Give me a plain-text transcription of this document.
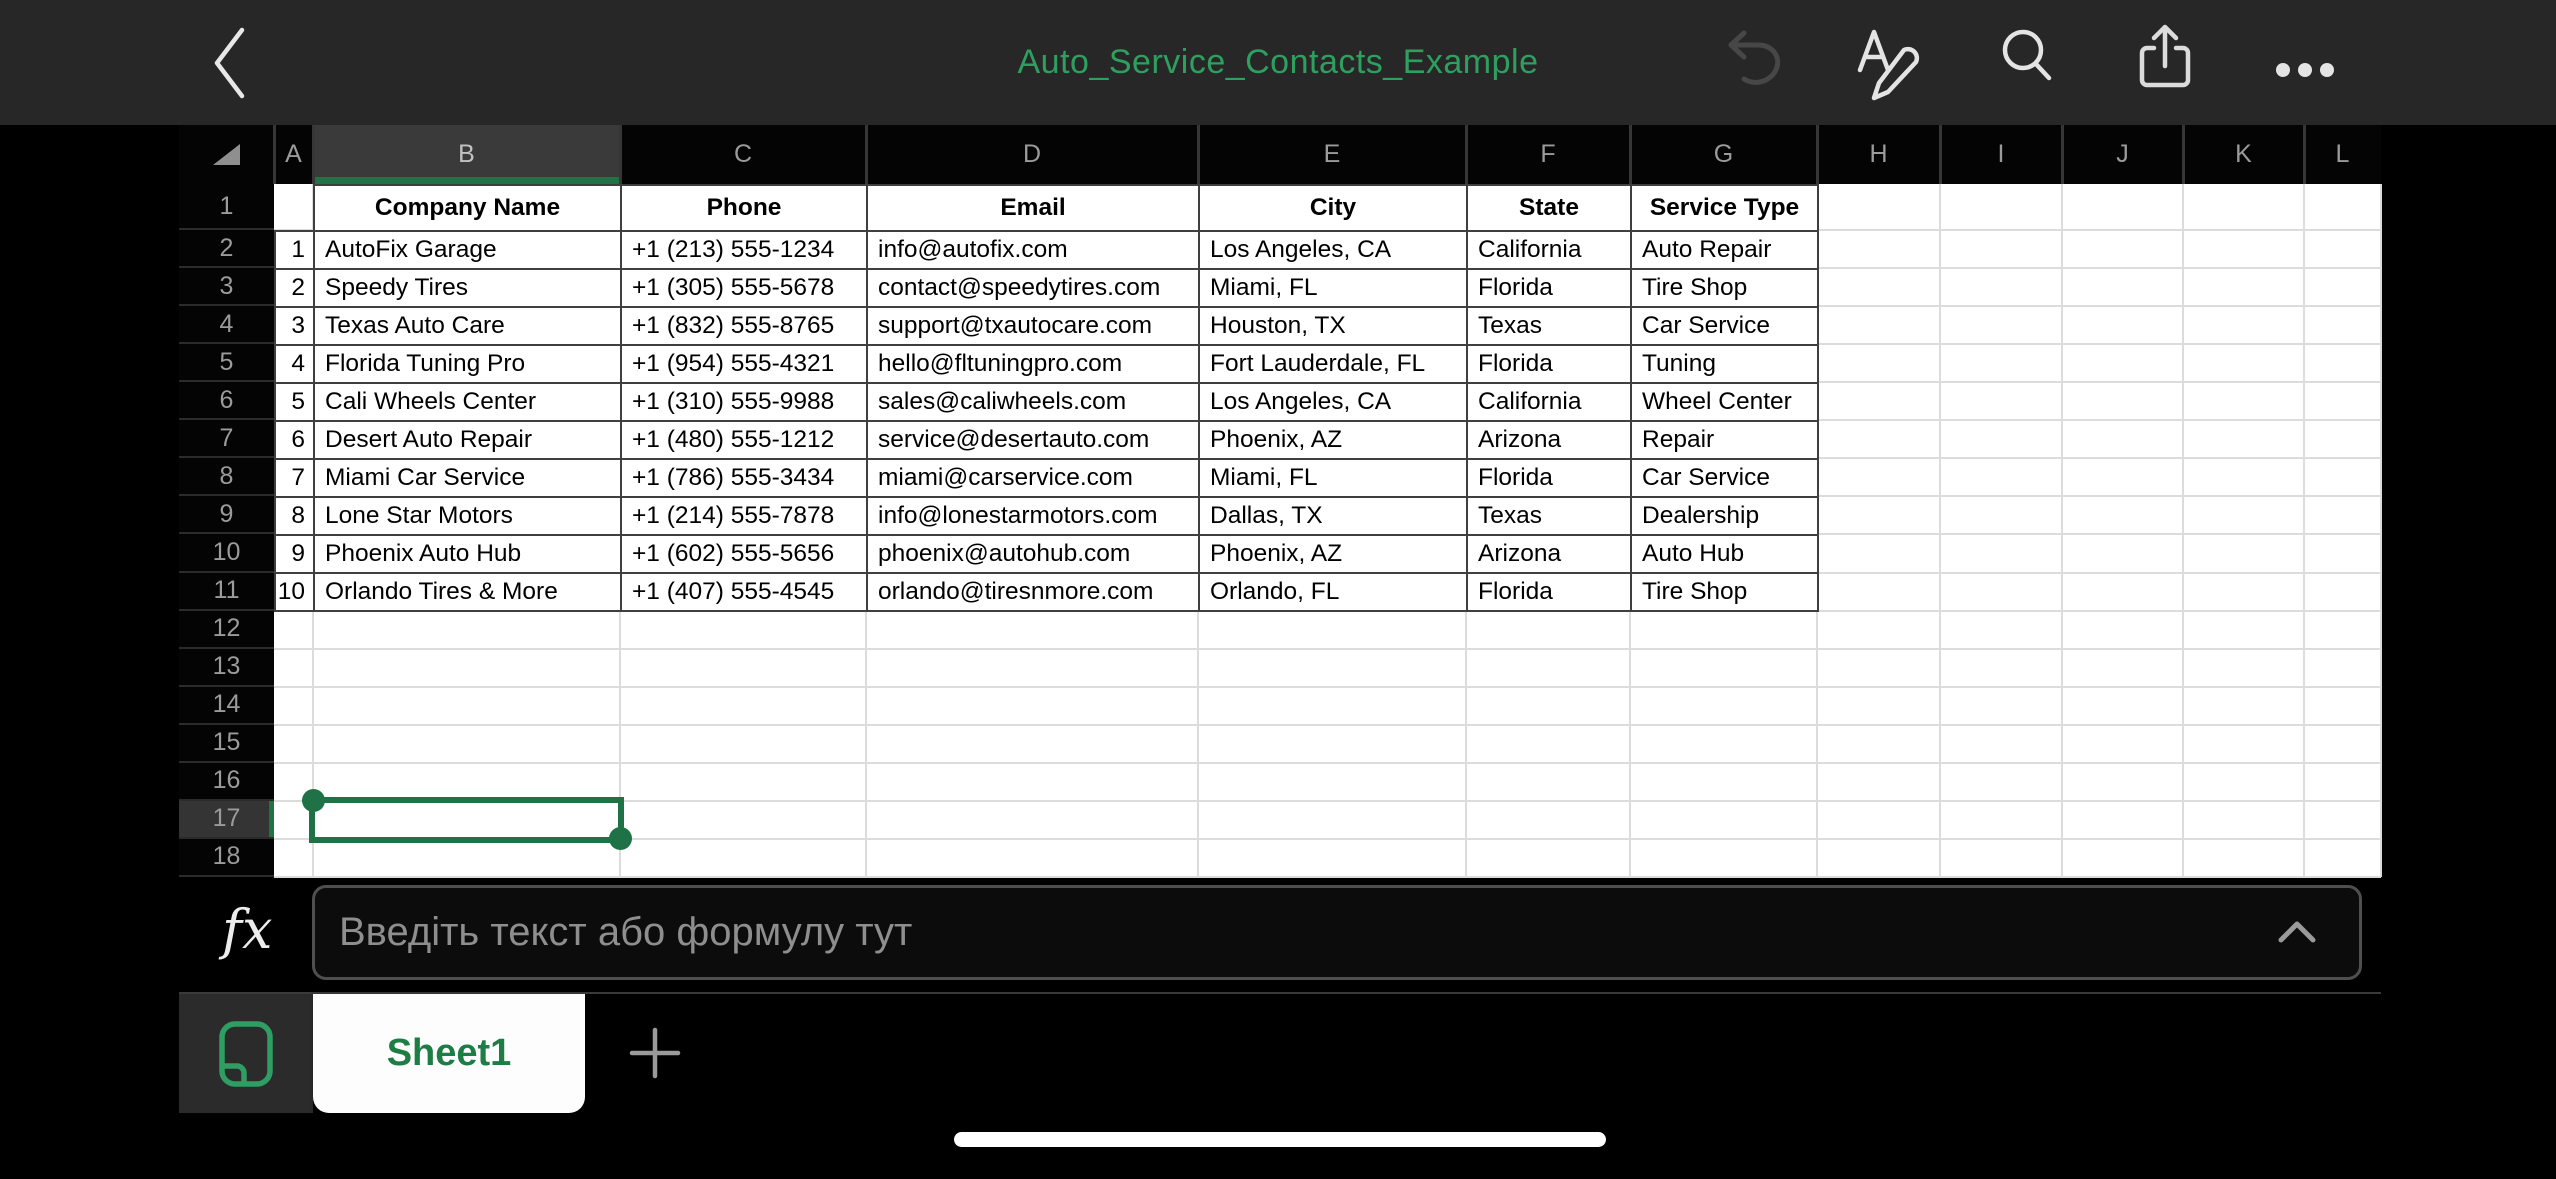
Auto_Service_Contacts_Example
A	B	C	D	E	F	G	H	I	J	K	L
1
2
3
4
5
6
7
8
9
10
11
12
13
14
15
16
17
18
	Company Name	Phone	Email	City	State	Service Type
1	AutoFix Garage	+1 (213) 555-1234	info@autofix.com	Los Angeles, CA	California	Auto Repair
2	Speedy Tires	+1 (305) 555-5678	contact@speedytires.com	Miami, FL	Florida	Tire Shop
3	Texas Auto Care	+1 (832) 555-8765	support@txautocare.com	Houston, TX	Texas	Car Service
4	Florida Tuning Pro	+1 (954) 555-4321	hello@fltuningpro.com	Fort Lauderdale, FL	Florida	Tuning
5	Cali Wheels Center	+1 (310) 555-9988	sales@caliwheels.com	Los Angeles, CA	California	Wheel Center
6	Desert Auto Repair	+1 (480) 555-1212	service@desertauto.com	Phoenix, AZ	Arizona	Repair
7	Miami Car Service	+1 (786) 555-3434	miami@carservice.com	Miami, FL	Florida	Car Service
8	Lone Star Motors	+1 (214) 555-7878	info@lonestarmotors.com	Dallas, TX	Texas	Dealership
9	Phoenix Auto Hub	+1 (602) 555-5656	phoenix@autohub.com	Phoenix, AZ	Arizona	Auto Hub
10	Orlando Tires & More	+1 (407) 555-4545	orlando@tiresnmore.com	Orlando, FL	Florida	Tire Shop
fx	Введіть текст або формулу тут
Sheet1
